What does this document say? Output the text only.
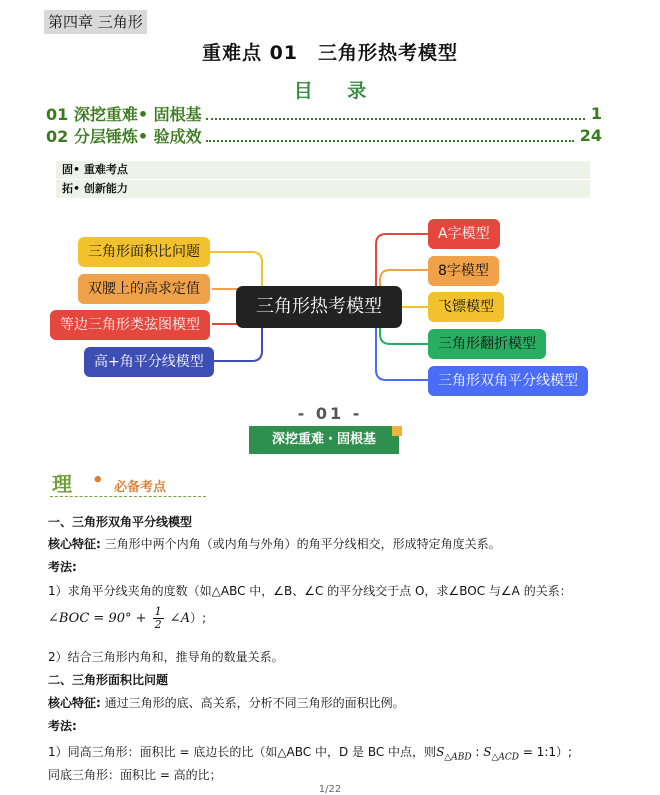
第四章 三角形
重难点 01　三角形热考模型
目 录
01 深挖重难• 固根基	1
02 分层锤炼• 验成效	24
固• 重难考点
拓• 创新能力
三角形热考模型
三角形面积比问题
双腰上的高求定值
等边三角形类弦图模型
高+角平分线模型
A字模型
8字模型
飞镖模型
三角形翻折模型
三角形双角平分线模型
- 01 -
深挖重难・固根基
理 • 必备考点
一、三角形双角平分线模型
核心特征: 三角形中两个内角（或内角与外角）的角平分线相交，形成特定角度关系。
考法:
1）求角平分线夹角的度数（如△ABC 中，∠B、∠C 的平分线交于点 O，求∠BOC 与∠A 的关系：
∠BOC = $90^\circ + \frac{1}{2}$ ∠A）;
2）结合三角形内角和，推导角的数量关系。
二、三角形面积比问题
核心特征: 通过三角形的底、高关系，分析不同三角形的面积比例。
考法:
1）同高三角形：面积比 = 底边长的比（如△ABC 中，D 是 BC 中点，则$S_{\triangle ABD}$ : $S_{\triangle ACD}$ = 1:1）;
同底三角形：面积比 = 高的比；
1/22
